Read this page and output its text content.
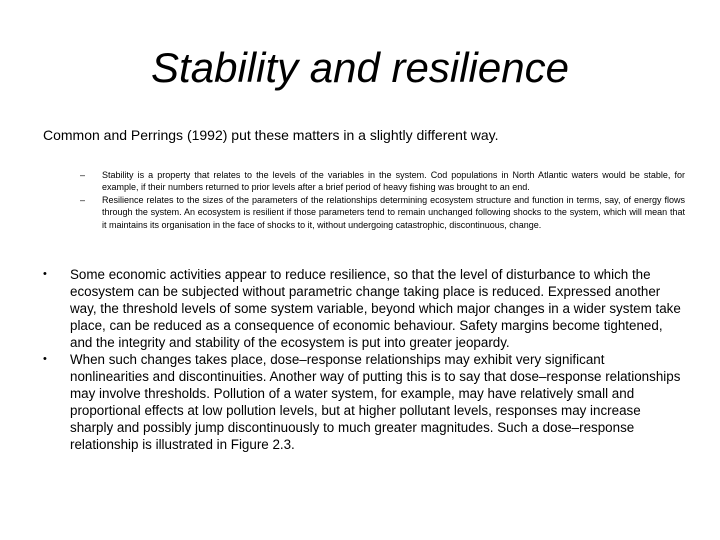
Stability and resilience

Common and Perrings (1992) put these matters in a slightly different way.

– Stability is a property that relates to the levels of the variables in the system. Cod populations in North Atlantic waters would be stable, for example, if their numbers returned to prior levels after a brief period of heavy fishing was brought to an end.
– Resilience relates to the sizes of the parameters of the relationships determining ecosystem structure and function in terms, say, of energy flows through the system. An ecosystem is resilient if those parameters tend to remain unchanged following shocks to the system, which will mean that it maintains its organisation in the face of shocks to it, without undergoing catastrophic, discontinuous, change.
• Some economic activities appear to reduce resilience, so that the level of disturbance to which the ecosystem can be subjected without parametric change taking place is reduced. Expressed another way, the threshold levels of some system variable, beyond which major changes in a wider system take place, can be reduced as a consequence of economic behaviour. Safety margins become tightened, and the integrity and stability of the ecosystem is put into greater jeopardy.
• When such changes takes place, dose–response relationships may exhibit very significant nonlinearities and discontinuities. Another way of putting this is to say that dose–response relationships may involve thresholds. Pollution of a water system, for example, may have relatively small and proportional effects at low pollution levels, but at higher pollutant levels, responses may increase sharply and possibly jump discontinuously to much greater magnitudes. Such a dose–response relationship is illustrated in Figure 2.3.
